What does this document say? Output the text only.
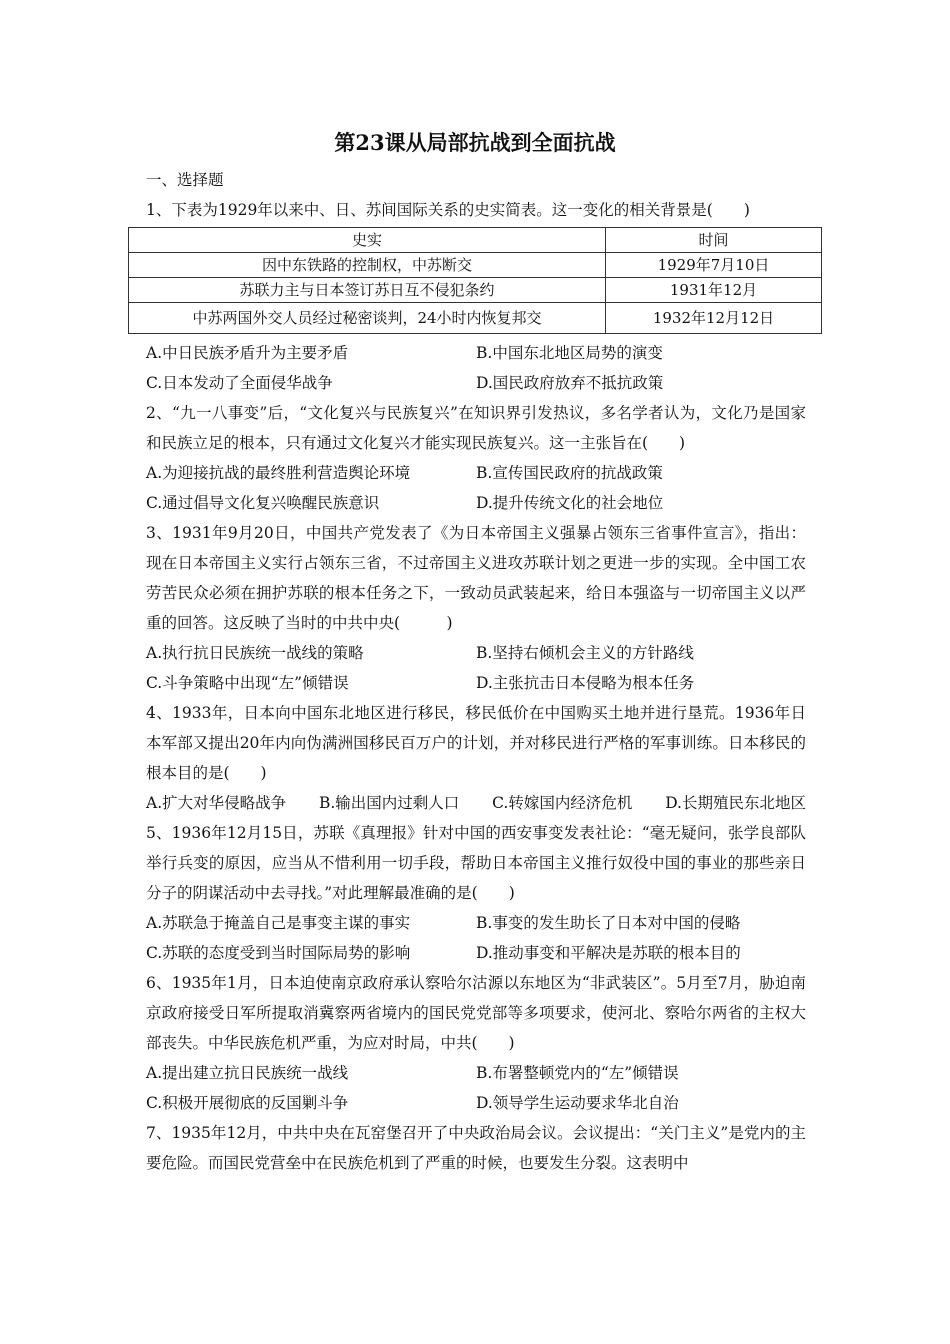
第23课从局部抗战到全面抗战

一、选择题

1、下表为1929年以来中、日、苏间国际关系的史实简表。这一变化的相关背景是(　　)
史实	时间
因中东铁路的控制权，中苏断交	1929年7月10日
苏联力主与日本签订苏日互不侵犯条约	1931年12月
中苏两国外交人员经过秘密谈判，24小时内恢复邦交	1932年12月12日
A.中日民族矛盾升为主要矛盾	B.中国东北地区局势的演变
C.日本发动了全面侵华战争	D.国民政府放弃不抵抗政策
2、“九一八事变”后，“文化复兴与民族复兴”在知识界引发热议，多名学者认为，文化乃是国家和民族立足的根本，只有通过文化复兴才能实现民族复兴。这一主张旨在(　　)
A.为迎接抗战的最终胜利营造舆论环境	B.宣传国民政府的抗战政策
C.通过倡导文化复兴唤醒民族意识	D.提升传统文化的社会地位
3、1931年9月20日，中国共产党发表了《为日本帝国主义强暴占领东三省事件宣言》，指出：现在日本帝国主义实行占领东三省，不过帝国主义进攻苏联计划之更进一步的实现。全中国工农劳苦民众必须在拥护苏联的根本任务之下，一致动员武装起来，给日本强盗与一切帝国主义以严重的回答。这反映了当时的中共中央(　　　)
A.执行抗日民族统一战线的策略	B.坚持右倾机会主义的方针路线
C.斗争策略中出现“左”倾错误	D.主张抗击日本侵略为根本任务
4、1933年，日本向中国东北地区进行移民，移民低价在中国购买土地并进行垦荒。1936年日本军部又提出20年内向伪满洲国移民百万户的计划，并对移民进行严格的军事训练。日本移民的根本目的是(　　)
A.扩大对华侵略战争 B.输出国内过剩人口 C.转嫁国内经济危机 D.长期殖民东北地区
5、1936年12月15日，苏联《真理报》针对中国的西安事变发表社论：“毫无疑问，张学良部队举行兵变的原因，应当从不惜利用一切手段，帮助日本帝国主义推行奴役中国的事业的那些亲日分子的阴谋活动中去寻找。”对此理解最准确的是(　　)
A.苏联急于掩盖自己是事变主谋的事实	B.事变的发生助长了日本对中国的侵略
C.苏联的态度受到当时国际局势的影响	D.推动事变和平解决是苏联的根本目的
6、1935年1月，日本迫使南京政府承认察哈尔沽源以东地区为“非武装区”。5月至7月，胁迫南京政府接受日军所提取消冀察两省境内的国民党党部等多项要求，使河北、察哈尔两省的主权大部丧失。中华民族危机严重，为应对时局，中共(　　)
A.提出建立抗日民族统一战线	B.布署整顿党内的“左”倾错误
C.积极开展彻底的反国剿斗争	D.领导学生运动要求华北自治
7、1935年12月，中共中央在瓦窑堡召开了中央政治局会议。会议提出：“关门主义”是党内的主要危险。而国民党营垒中在民族危机到了严重的时候，也要发生分裂。这表明中
